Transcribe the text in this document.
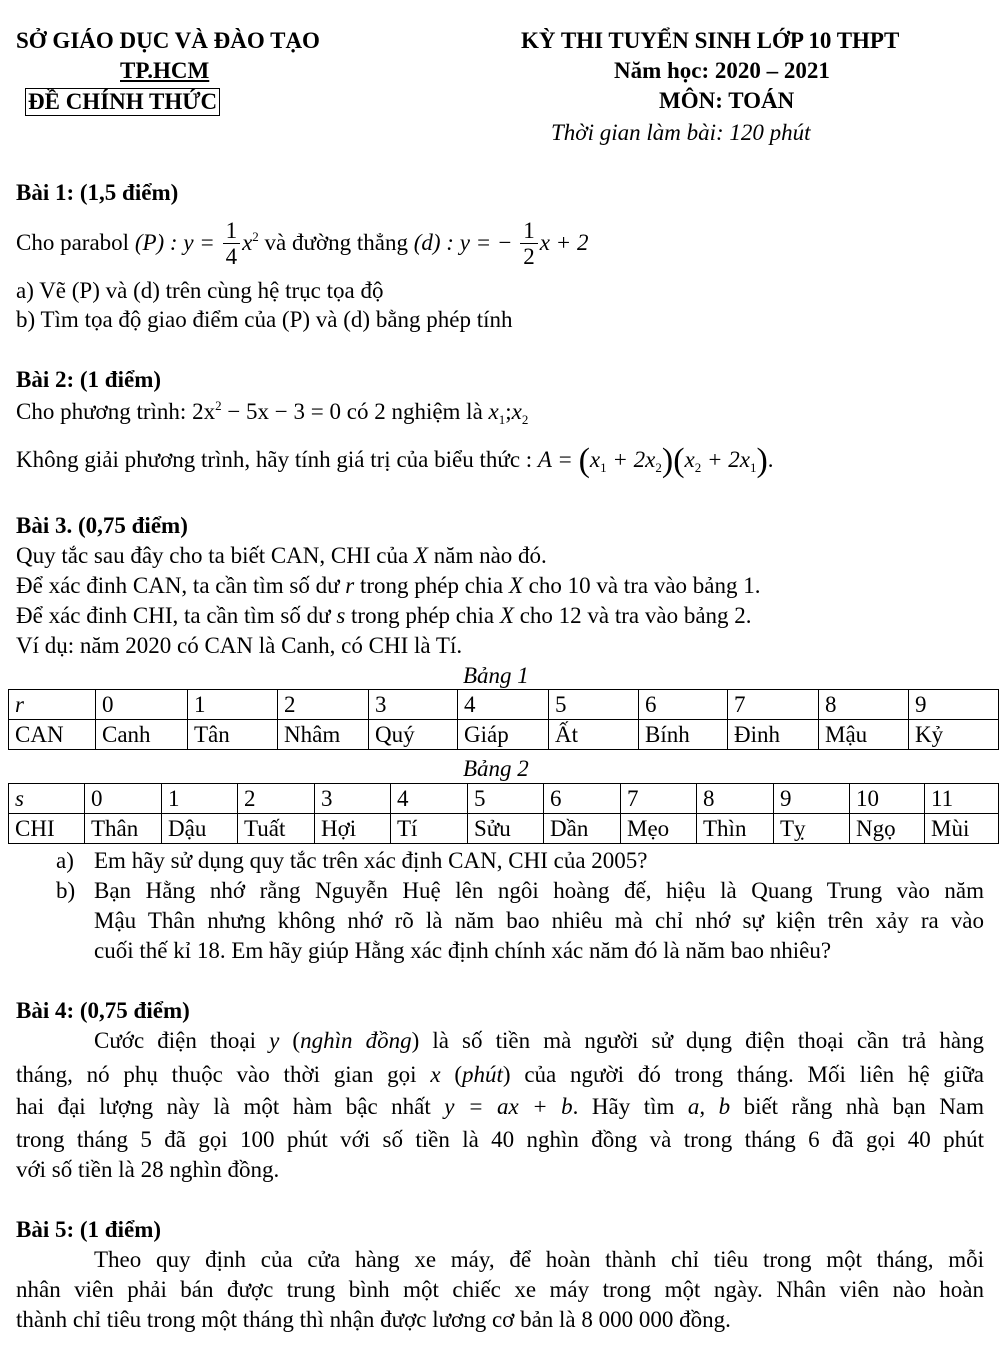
SỞ GIÁO DỤC VÀ ĐÀO TẠO
TP.HCM
ĐỀ CHÍNH THỨC
KỲ THI TUYỂN SINH LỚP 10 THPT
Năm học: 2020 – 2021
MÔN: TOÁN
Thời gian làm bài: 120 phút
Bài 1: (1,5 điểm)
Cho parabol (P) : $y = \frac{1}{4} x^2$ và đường thẳng (d) : y = − $\frac{1}{2}$ x + 2
a) Vẽ (P) và (d) trên cùng hệ trục tọa độ
b) Tìm tọa độ giao điểm của (P) và (d) bằng phép tính
Bài 2: (1 điểm)
Cho phương trình: $2x^2 - 5x - 3 = 0$ có 2 nghiệm là $x_1;x_2$
Không giải phương trình, hãy tính giá trị của biểu thức : $A = (x_1 + 2x_2)(x_2 + 2x_1)$.
Bài 3. (0,75 điểm)
Quy tắc sau đây cho ta biết CAN, CHI của X năm nào đó.
Để xác đinh CAN, ta cần tìm số dư r trong phép chia X cho 10 và tra vào bảng 1.
Để xác đinh CHI, ta cần tìm số dư s trong phép chia X cho 12 và tra vào bảng 2.
Ví dụ: năm 2020 có CAN là Canh, có CHI là Tí.
Bảng 1
r	0	1	2	3	4	5	6	7	8	9
CAN	Canh	Tân	Nhâm	Quý	Giáp	Ất	Bính	Đinh	Mậu	Kỷ
Bảng 2
s	0	1	2	3	4	5	6	7	8	9	10	11
CHI	Thân	Dậu	Tuất	Hợi	Tí	Sửu	Dần	Mẹo	Thìn	Tỵ	Ngọ	Mùi
a) Em hãy sử dụng quy tắc trên xác định CAN, CHI của 2005?
b) Bạn Hằng nhớ rằng Nguyễn Huệ lên ngôi hoàng đế, hiệu là Quang Trung vào năm
Mậu Thân nhưng không nhớ rõ là năm bao nhiêu mà chỉ nhớ sự kiện trên xảy ra vào
cuối thế kỉ 18. Em hãy giúp Hằng xác định chính xác năm đó là năm bao nhiêu?
Bài 4: (0,75 điểm)
Cước điện thoại y (nghìn đồng) là số tiền mà người sử dụng điện thoại cần trả hàng
tháng, nó phụ thuộc vào thời gian gọi x (phút) của người đó trong tháng. Mối liên hệ giữa
hai đại lượng này là một hàm bậc nhất y = ax + b. Hãy tìm a, b biết rằng nhà bạn Nam
trong tháng 5 đã gọi 100 phút với số tiền là 40 nghìn đồng và trong tháng 6 đã gọi 40 phút
với số tiền là 28 nghìn đồng.
Bài 5: (1 điểm)
Theo quy định của cửa hàng xe máy, để hoàn thành chỉ tiêu trong một tháng, mỗi
nhân viên phải bán được trung bình một chiếc xe máy trong một ngày. Nhân viên nào hoàn
thành chỉ tiêu trong một tháng thì nhận được lương cơ bản là 8 000 000 đồng.
